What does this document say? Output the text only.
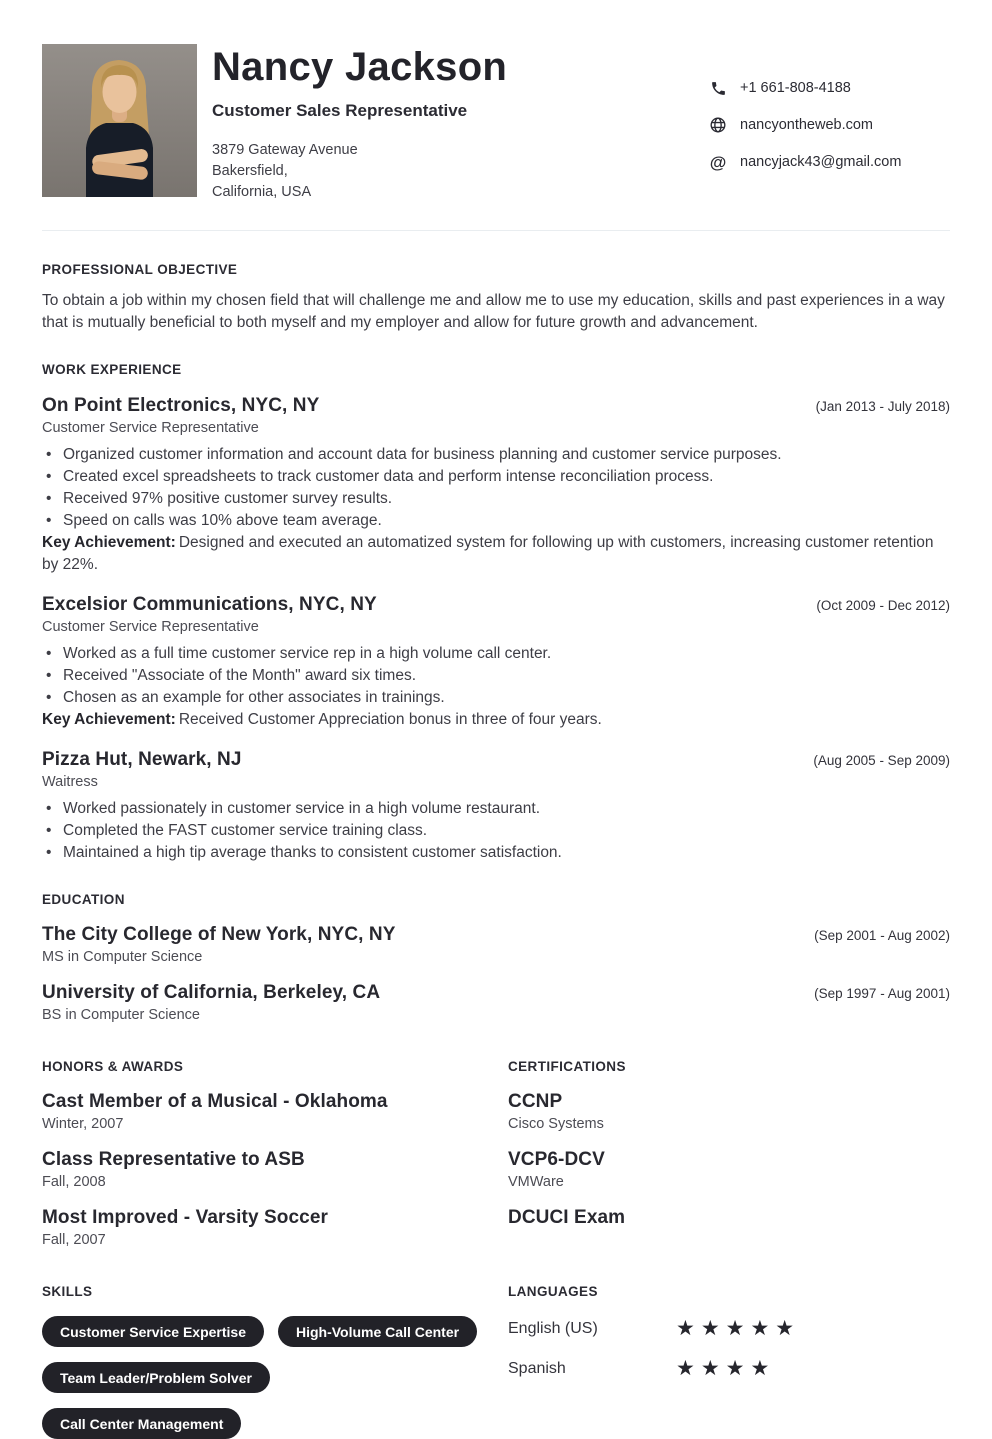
Nancy Jackson
Customer Sales Representative
3879 Gateway Avenue
Bakersfield,
California, USA
+1 661-808-4188
nancyontheweb.com
@ nancyjack43@gmail.com
PROFESSIONAL OBJECTIVE

To obtain a job within my chosen field that will challenge me and allow me to use my education, skills and past experiences in a way that is mutually beneficial to both myself and my employer and allow for future growth and advancement.

WORK EXPERIENCE
On Point Electronics, NYC, NY	(Jan 2013 - July 2018)
Customer Service Representative
• Organized customer information and account data for business planning and customer service purposes.
• Created excel spreadsheets to track customer data and perform intense reconciliation process.
• Received 97% positive customer survey results.
• Speed on calls was 10% above team average.

Key Achievement: Designed and executed an automatized system for following up with customers, increasing customer retention by 22%.

Excelsior Communications, NYC, NY	(Oct 2009 - Dec 2012)
Customer Service Representative
• Worked as a full time customer service rep in a high volume call center.
• Received "Associate of the Month" award six times.
• Chosen as an example for other associates in trainings.

Key Achievement: Received Customer Appreciation bonus in three of four years.

Pizza Hut, Newark, NJ	(Aug 2005 - Sep 2009)
Waitress
• Worked passionately in customer service in a high volume restaurant.
• Completed the FAST customer service training class.
• Maintained a high tip average thanks to consistent customer satisfaction.
EDUCATION
The City College of New York, NYC, NY	(Sep 2001 - Aug 2002)
MS in Computer Science
University of California, Berkeley, CA	(Sep 1997 - Aug 2001)
BS in Computer Science
HONORS & AWARDS
Cast Member of a Musical - Oklahoma
Winter, 2007
Class Representative to ASB
Fall, 2008
Most Improved - Varsity Soccer
Fall, 2007
CERTIFICATIONS
CCNP
Cisco Systems
VCP6-DCV
VMWare
DCUCI Exam
SKILLS
Customer Service Expertise	High-Volume Call Center
Team Leader/Problem Solver
Call Center Management
LANGUAGES
English (US)	★★★★★
Spanish	★★★★
